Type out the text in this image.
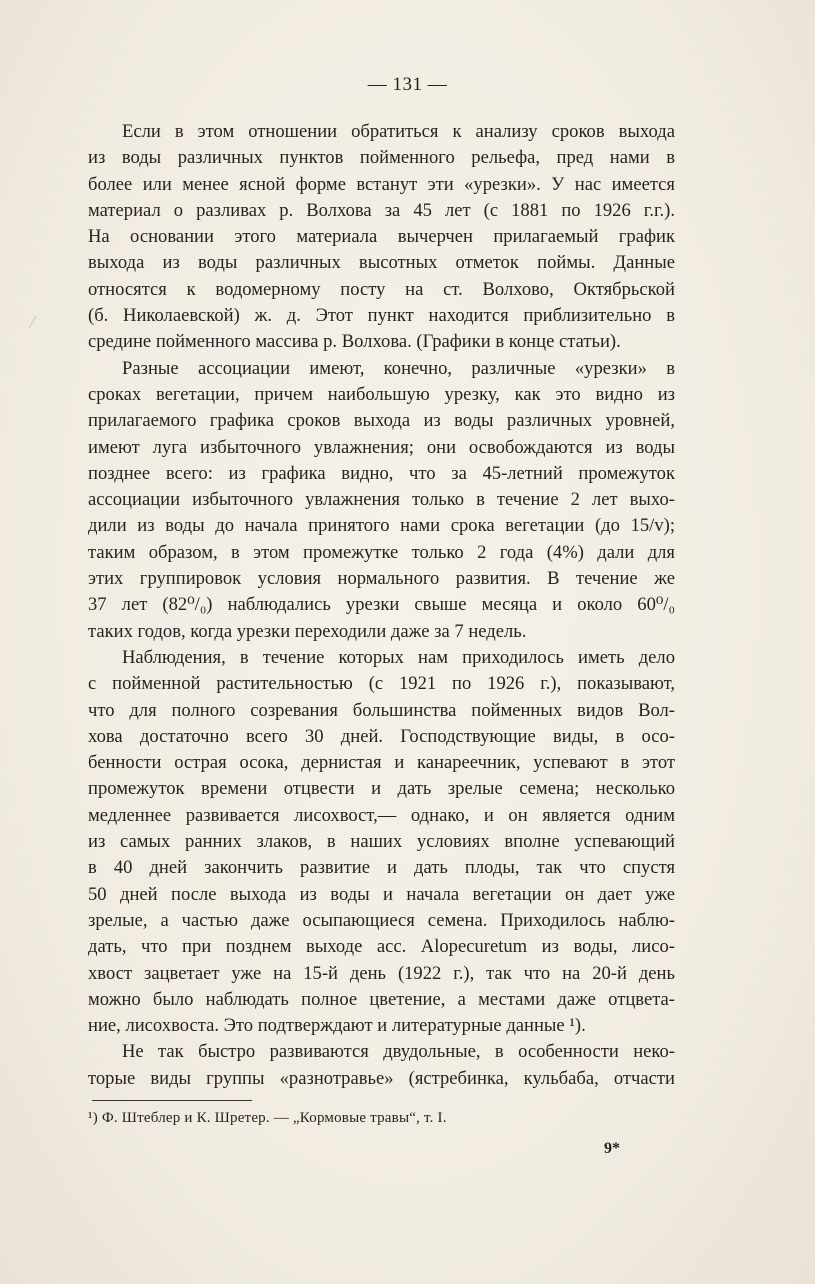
— 131 —

Если в этом отношении обратиться к анализу сроков выхода
из воды различных пунктов пойменного рельефа, пред нами в
более или менее ясной форме встанут эти «урезки». У нас имеется
материал о разливах р. Волхова за 45 лет (с 1881 по 1926 г.г.).
На основании этого материала вычерчен прилагаемый график
выхода из воды различных высотных отметок поймы. Данные
относятся к водомерному посту на ст. Волхово, Октябрьской
(б. Николаевской) ж. д. Этот пункт находится приблизительно в
средине пойменного массива р. Волхова. (Графики в конце статьи).

Разные ассоциации имеют, конечно, различные «урезки» в
сроках вегетации, причем наибольшую урезку, как это видно из
прилагаемого графика сроков выхода из воды различных уровней,
имеют луга избыточного увлажнения; они освобождаются из воды
позднее всего: из графика видно, что за 45-летний промежуток
ассоциации избыточного увлажнения только в течение 2 лет выхо-
дили из воды до начала принятого нами срока вегетации (до 15/v);
таким образом, в этом промежутке только 2 года (4%) дали для
этих группировок условия нормального развития. В течение же
37 лет (82⁰/₀) наблюдались урезки свыше месяца и около 60⁰/₀
таких годов, когда урезки переходили даже за 7 недель.

Наблюдения, в течение которых нам приходилось иметь дело
с пойменной растительностью (с 1921 по 1926 г.), показывают,
что для полного созревания большинства пойменных видов Вол-
хова достаточно всего 30 дней. Господствующие виды, в осо-
бенности острая осока, дернистая и канареечник, успевают в этот
промежуток времени отцвести и дать зрелые семена; несколько
медленнее развивается лисохвост,— однако, и он является одним
из самых ранних злаков, в наших условиях вполне успевающий
в 40 дней закончить развитие и дать плоды, так что спустя
50 дней после выхода из воды и начала вегетации он дает уже
зрелые, а частью даже осыпающиеся семена. Приходилось наблю-
дать, что при позднем выходе асс. Alopecuretum из воды, лисо-
хвост зацветает уже на 15-й день (1922 г.), так что на 20-й день
можно было наблюдать полное цветение, а местами даже отцвета-
ние, лисохвоста. Это подтверждают и литературные данные ¹).

Не так быстро развиваются двудольные, в особенности неко-
торые виды группы «разнотравье» (ястребинка, кульбаба, отчасти

¹) Ф. Штеблер и К. Шретер. — „Кормовые травы“, т. I.
9*
